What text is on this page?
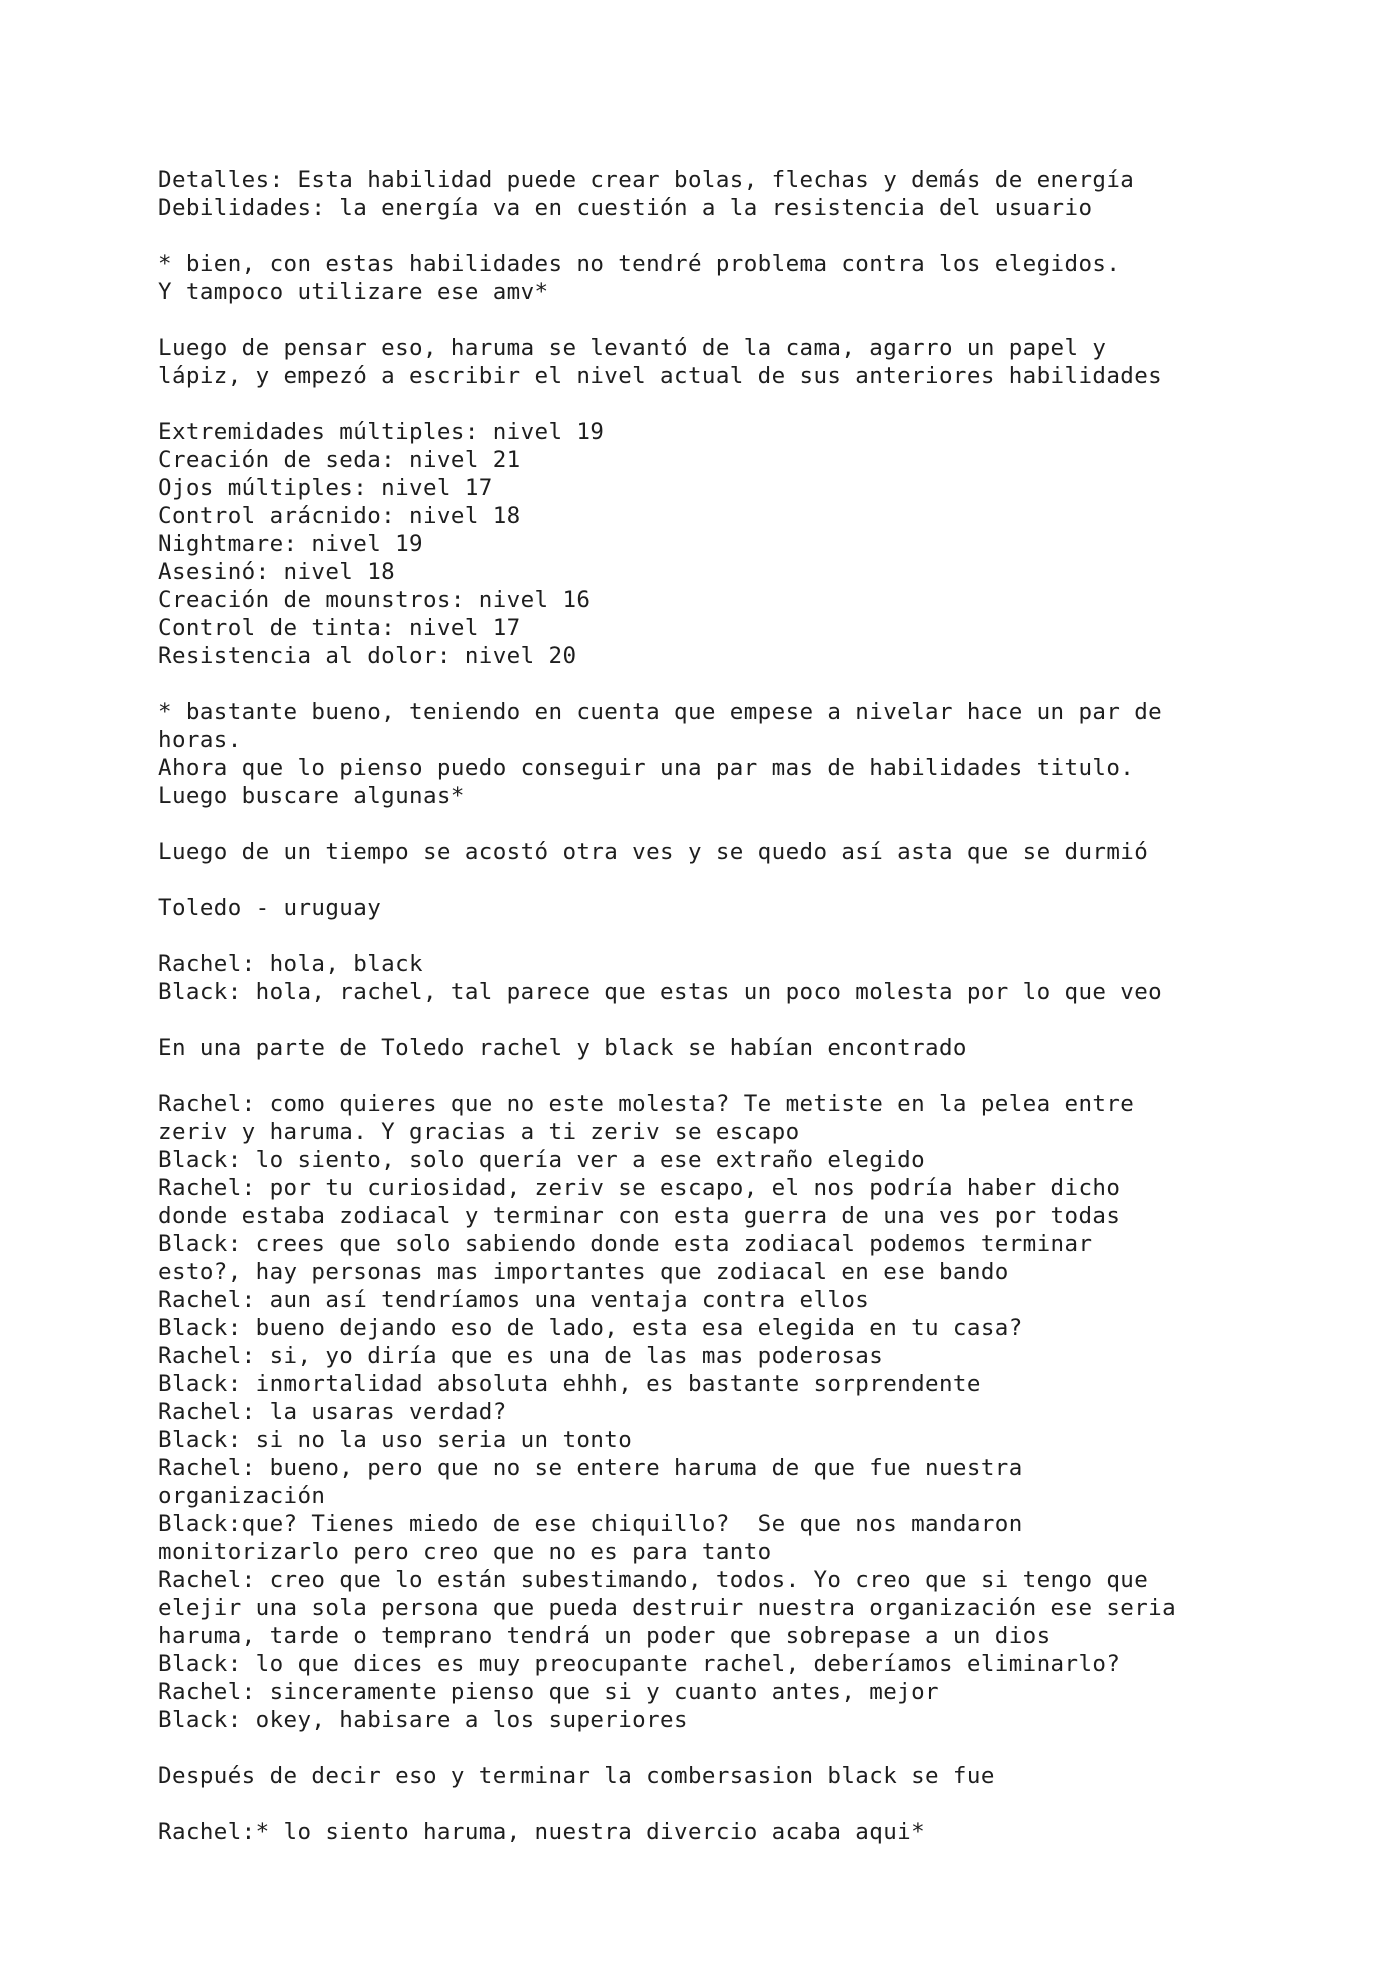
Detalles: Esta habilidad puede crear bolas, flechas y demás de energía
Debilidades: la energía va en cuestión a la resistencia del usuario
* bien, con estas habilidades no tendré problema contra los elegidos.
Y tampoco utilizare ese amv*
Luego de pensar eso, haruma se levantó de la cama, agarro un papel y
lápiz, y empezó a escribir el nivel actual de sus anteriores habilidades
Extremidades múltiples: nivel 19
Creación de seda: nivel 21
Ojos múltiples: nivel 17
Control arácnido: nivel 18
Nightmare: nivel 19
Asesinó: nivel 18
Creación de mounstros: nivel 16
Control de tinta: nivel 17
Resistencia al dolor: nivel 20
* bastante bueno, teniendo en cuenta que empese a nivelar hace un par de
horas.
Ahora que lo pienso puedo conseguir una par mas de habilidades titulo.
Luego buscare algunas*
Luego de un tiempo se acostó otra ves y se quedo así asta que se durmió
Toledo - uruguay
Rachel: hola, black
Black: hola, rachel, tal parece que estas un poco molesta por lo que veo
En una parte de Toledo rachel y black se habían encontrado
Rachel: como quieres que no este molesta? Te metiste en la pelea entre
zeriv y haruma. Y gracias a ti zeriv se escapo
Black: lo siento, solo quería ver a ese extraño elegido
Rachel: por tu curiosidad, zeriv se escapo, el nos podría haber dicho
donde estaba zodiacal y terminar con esta guerra de una ves por todas
Black: crees que solo sabiendo donde esta zodiacal podemos terminar
esto?, hay personas mas importantes que zodiacal en ese bando
Rachel: aun así tendríamos una ventaja contra ellos
Black: bueno dejando eso de lado, esta esa elegida en tu casa?
Rachel: si, yo diría que es una de las mas poderosas
Black: inmortalidad absoluta ehhh, es bastante sorprendente
Rachel: la usaras verdad?
Black: si no la uso seria un tonto
Rachel: bueno, pero que no se entere haruma de que fue nuestra
organización
Black:que? Tienes miedo de ese chiquillo?  Se que nos mandaron
monitorizarlo pero creo que no es para tanto
Rachel: creo que lo están subestimando, todos. Yo creo que si tengo que
elejir una sola persona que pueda destruir nuestra organización ese seria
haruma, tarde o temprano tendrá un poder que sobrepase a un dios
Black: lo que dices es muy preocupante rachel, deberíamos eliminarlo?
Rachel: sinceramente pienso que si y cuanto antes, mejor
Black: okey, habisare a los superiores
Después de decir eso y terminar la combersasion black se fue
Rachel:* lo siento haruma, nuestra divercio acaba aqui*
